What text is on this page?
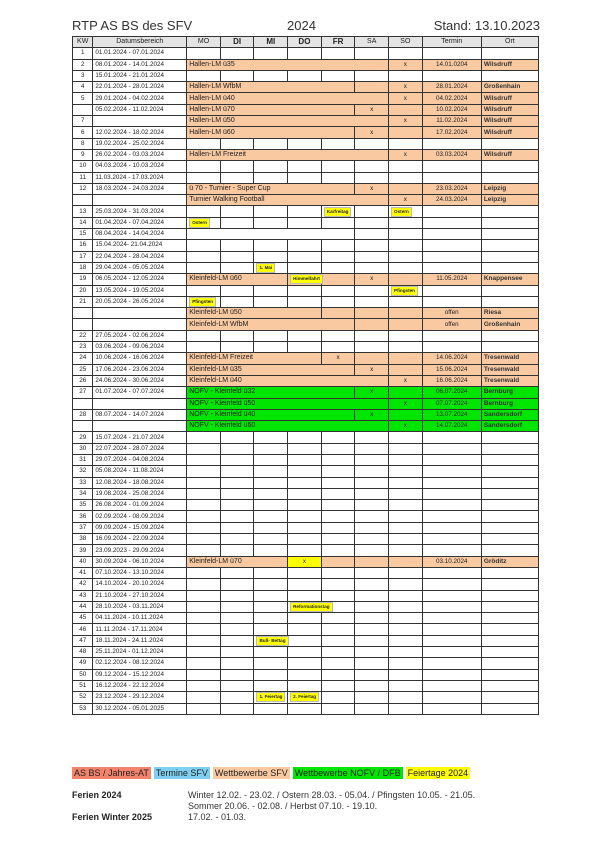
RTP AS BS des SFV	2024	Stand: 13.10.2023
KW	Datumsbereich	MO	DI	MI	DO	FR	SA	SO	Termin	Ort
1	01.01.2024 - 07.01.2024									
2	08.01.2024 - 14.01.2024	Hallen-LM ü35						x	14.01.0204	Wilsdruff
3	15.01.2024 - 21.01.2024									
4	22.01.2024 - 28.01.2024	Hallen-LM WfbM						x	28.01.2024	Großenhain
5	29.01.2024 - 04.02.2024	Hallen-LM ü40						x	04.02.2024	Wilsdruff
	05.02.2024 - 11.02.2024	Hallen-LM ü70					x		10.02.2024	Wilsdruff
7		Hallen-LM ü50						x	11.02.2024	Wilsdruff
6	12.02.2024 - 18.02.2024	Hallen-LM ü60					x		17.02.2024	Wilsdruff
8	19.02.2024 - 25.02.2024									
9	26.02.2024 - 03.03.2024	Hallen-LM Freizeit						x	03.03.2024	Wilsdruff
10	04.03.2024 - 10.03.2024									
11	11.03.2024 - 17.03.2024									
12	18.03.2024 - 24.03.2024	ü 70 - Turnier - Super Cup					x		23.03.2024	Leipzig
		Turnier Walking Football						x	24.03.2024	Leipzig
13	25.03.2024 - 31.03.2024					Karfreitag		Ostern		
14	01.04.2024 - 07.04.2024	Ostern								
15	08.04.2024 - 14.04.2024									
16	15.04.2024- 21.04.2024									
17	22.04.2024 - 28.04.2024									
18	29.04.2024 - 05.05.2024			1. Mai						
19	06.05.2024 - 12.05.2024	Kleinfeld-LM ü60			Himmelfahrt		x		11.05.2024	Knappensee
20	13.05.2024 - 19.05.2024							Pfingsten		
21	20.05.2024 - 26.05.2024	Pfingsten								
		Kleinfeld-LM ü50							offen	Riesa
		Kleinfeld-LM WfbM							offen	Großenhain
22	27.05.2024 - 02.06.2024									
23	03.06.2024 - 09.06.2024									
24	10.06.2024 - 16.06.2024	Kleinfeld-LM Freizeit				x			14.06.2024	Tresenwald
25	17.06.2024 - 23.06.2024	Kleinfeld-LM ü35					x		15.06.2024	Tresenwald
26	24.06.2024 - 30.06.2024	Kleinfeld-LM ü40						x	16.06.2024	Tresenwald
27	01.07.2024 - 07.07.2024	NOFV - Kleinfeld ü32					x		06.07.2024	Bernburg
		NOFV - Kleinfeld ü50						x	07.07.2024	Bernburg
28	08.07.2024 - 14.07.2024	NOFV - Kleinfeld ü40					x		13.07.2024	Sandersdorf
		NOFV - Kleinfeld ü60						x	14.07.2024	Sandersdorf
29	15.07.2024 - 21.07.2024									
30	22.07.2024 - 28.07.2024									
31	29.07.2024 - 04.08.2024									
32	05.08.2024 - 11.08.2024									
33	12.08.2024 - 18.08.2024									
34	19.08.2024 - 25.08.2024									
35	26.08.2024 - 01.09.2024									
36	02.09.2024 - 08.09.2024									
37	09.09.2024 - 15.09.2024									
38	16.09.2024 - 22.09.2024									
39	23.09.2023 - 29.09.2024									
40	30.09.2024 - 06.10.2024	Kleinfeld-LM ü70			x				03.10.2024	Gröditz
41	07.10.2024 - 13.10.2024									
42	14.10.2024 - 20.10.2024									
43	21.10.2024 - 27.10.2024									
44	28.10.2024 - 03.11.2024				Reformationstag					
45	04.11.2024 - 10.11.2024									
46	11.11.2024 - 17.11.2024									
47	18.11.2024 - 24.11.2024			Buß- Bettag						
48	25.11.2024 - 01.12.2024									
49	02.12.2024 - 08.12.2024									
50	09.12.2024 - 15.12.2024									
51	16.12.2024 - 22.12.2024									
52	23.12.2024 - 29.12.2024			1. Feiertag	2. Feiertag					
53	30.12.2024 - 05.01.2025									
AS BS / Jahres-AT Termine SFV Wettbewerbe SFV Wettbewerbe NOFV / DFB Feiertage 2024
Ferien 2024	Winter 12.02. - 23.02. / Ostern 28.03. - 05.04. / Pfingsten 10.05. - 21.05.
Sommer 20.06. - 02.08. / Herbst 07.10. - 19.10.
Ferien Winter 2025	17.02. - 01.03.
